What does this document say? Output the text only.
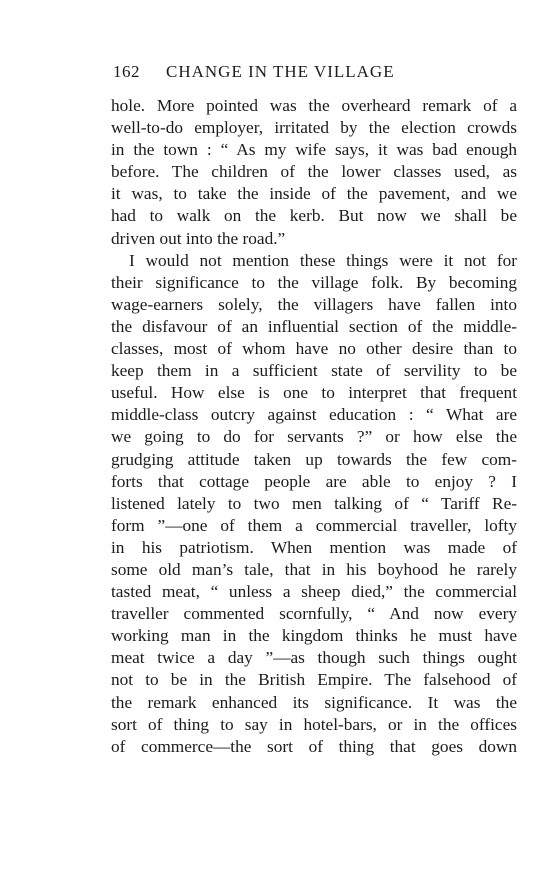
162 CHANGE IN THE VILLAGE
hole. More pointed was the overheard remark of a
well-to-do employer, irritated by the election crowds
in the town : “ As my wife says, it was bad enough
before. The children of the lower classes used, as
it was, to take the inside of the pavement, and we
had to walk on the kerb. But now we shall be
driven out into the road.”
I would not mention these things were it not for
their significance to the village folk. By becoming
wage-earners solely, the villagers have fallen into
the disfavour of an influential section of the middle-
classes, most of whom have no other desire than to
keep them in a sufficient state of servility to be
useful. How else is one to interpret that frequent
middle-class outcry against education : “ What are
we going to do for servants ?” or how else the
grudging attitude taken up towards the few com-
forts that cottage people are able to enjoy ? I
listened lately to two men talking of “ Tariff Re-
form ”—one of them a commercial traveller, lofty
in his patriotism. When mention was made of
some old man’s tale, that in his boyhood he rarely
tasted meat, “ unless a sheep died,” the commercial
traveller commented scornfully, “ And now every
working man in the kingdom thinks he must have
meat twice a day ”—as though such things ought
not to be in the British Empire. The falsehood of
the remark enhanced its significance. It was the
sort of thing to say in hotel-bars, or in the offices
of commerce—the sort of thing that goes down
